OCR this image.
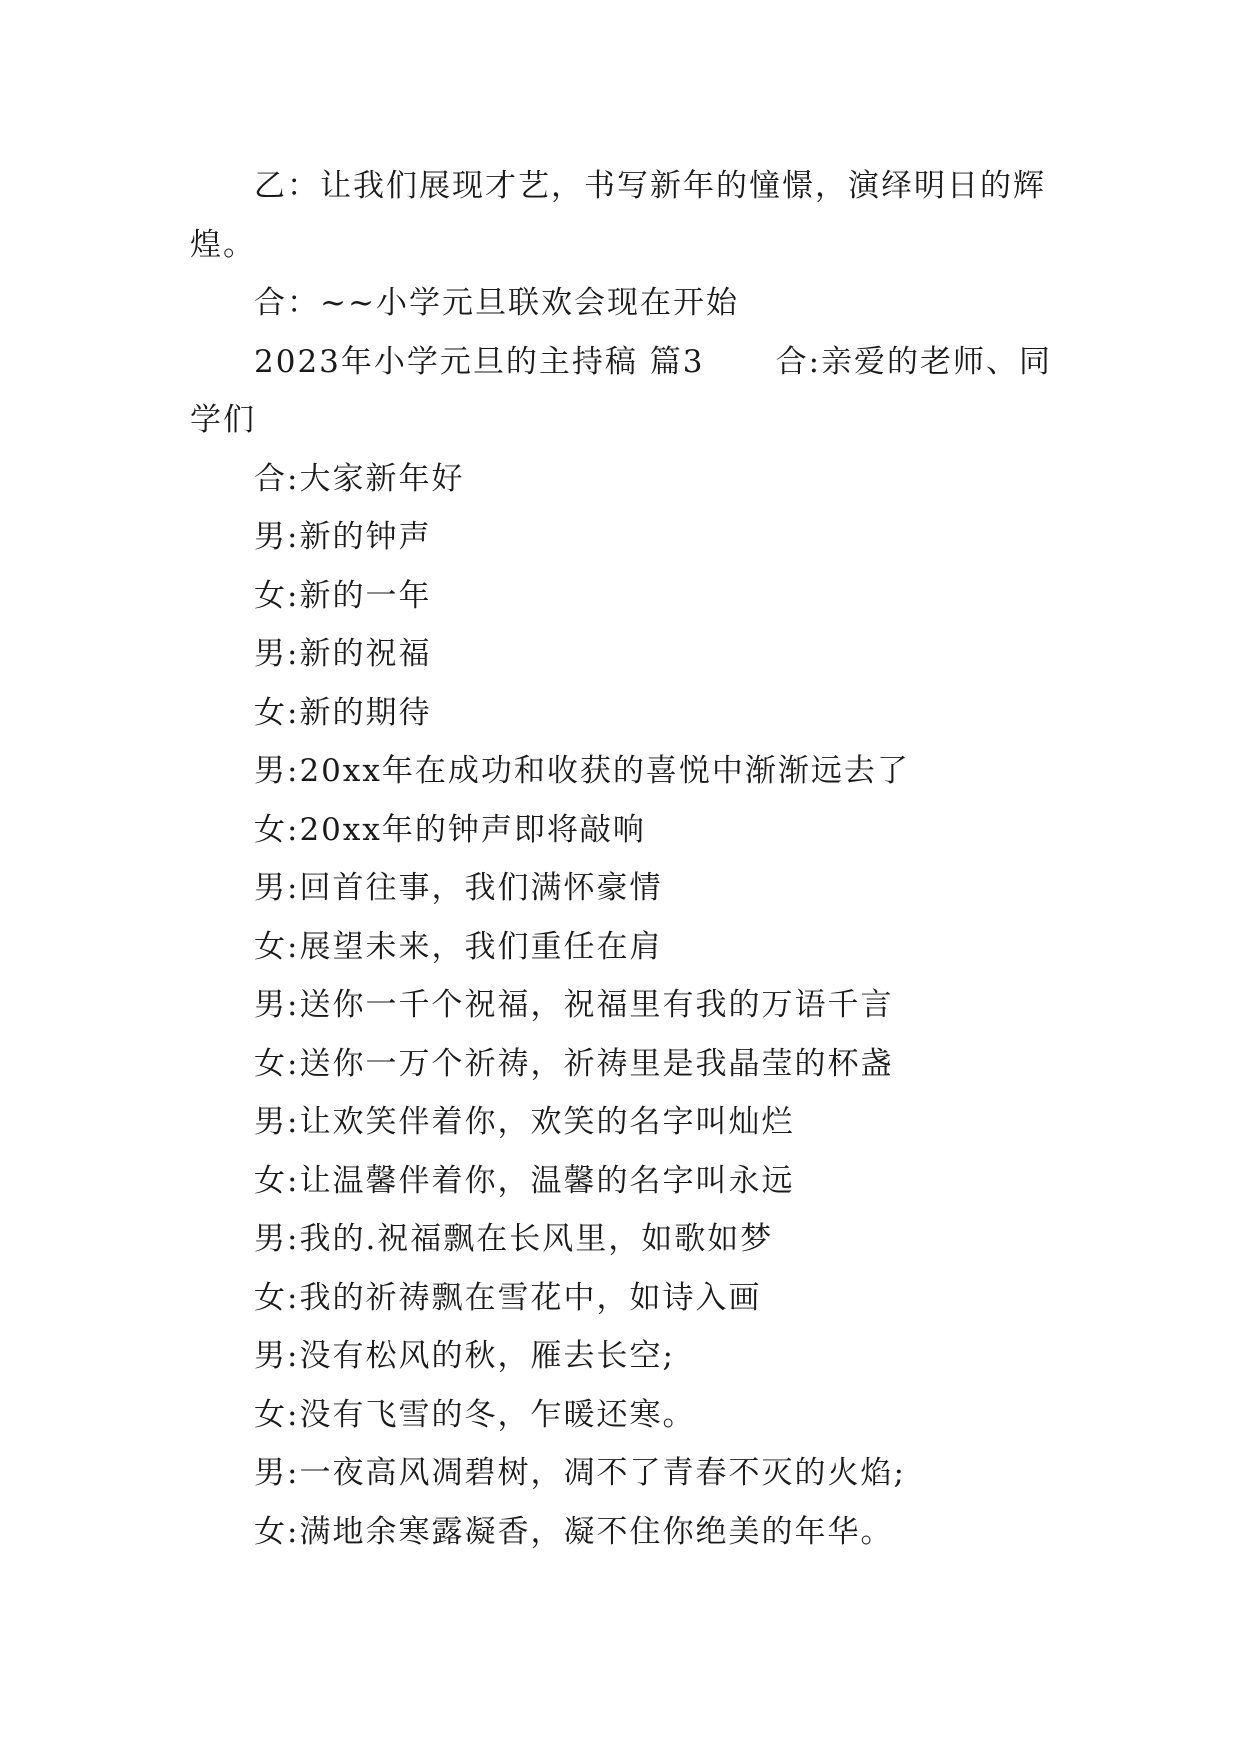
乙：让我们展现才艺，书写新年的憧憬，演绎明日的辉煌。

合：~~小学元旦联欢会现在开始

2023年小学元旦的主持稿 篇3      合:亲爱的老师、同学们

合:大家新年好

男:新的钟声

女:新的一年

男:新的祝福

女:新的期待

男:20xx年在成功和收获的喜悦中渐渐远去了

女:20xx年的钟声即将敲响

男:回首往事，我们满怀豪情

女:展望未来，我们重任在肩

男:送你一千个祝福，祝福里有我的万语千言

女:送你一万个祈祷，祈祷里是我晶莹的杯盏

男:让欢笑伴着你，欢笑的名字叫灿烂

女:让温馨伴着你，温馨的名字叫永远

男:我的.祝福飘在长风里，如歌如梦

女:我的祈祷飘在雪花中，如诗入画

男:没有松风的秋，雁去长空;

女:没有飞雪的冬，乍暖还寒。

男:一夜高风凋碧树，凋不了青春不灭的火焰;

女:满地余寒露凝香，凝不住你绝美的年华。
